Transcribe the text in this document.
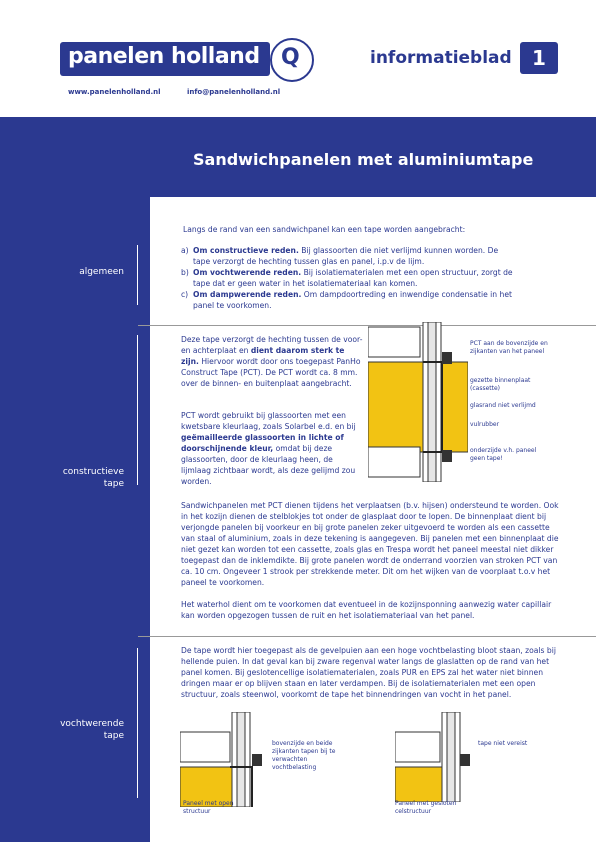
panelen holland Q
www.panelenholland.nl	info@panelenholland.nl
informatieblad	1
Sandwichpanelen met aluminiumtape
algemeen
Langs de rand van een sandwichpanel kan een tape worden aangebracht:
a) Om constructieve reden. Bij glassoorten die niet verlijmd kunnen worden. De tape verzorgt de hechting tussen glas en panel, i.p.v de lijm.
b) Om vochtwerende reden. Bij isolatiematerialen met een open structuur, zorgt de tape dat er geen water in het isolatiemateriaal kan komen.
c) Om dampwerende reden. Om dampdoortreding en inwendige condensatie in het panel te voorkomen.
constructieve
tape
Deze tape verzorgt de hechting tussen de voor- en achterplaat en dient daarom sterk te zijn. Hiervoor wordt door ons toegepast PanHo Construct Tape (PCT). De PCT wordt ca. 8 mm. over de binnen- en buitenplaat aangebracht.
PCT wordt gebruikt bij glassoorten met een kwetsbare kleurlaag, zoals Solarbel e.d. en bij geëmailleerde glassoorten in lichte of doorschijnende kleur, omdat bij deze glassoorten, door de kleurlaag heen, de lijmlaag zichtbaar wordt, als deze gelijmd zou worden.
PCT aan de bovenzijde en zijkanten van het paneel
gezette binnenplaat (cassette)
glasrand niet verlijmd
vulrubber
onderzijde v.h. paneel geen tape!
Sandwichpanelen met PCT dienen tijdens het verplaatsen (b.v. hijsen) ondersteund te worden. Ook in het kozijn dienen de stelblokjes tot onder de glasplaat door te lopen. De binnenplaat dient bij verjongde panelen bij voorkeur en bij grote panelen zeker uitgevoerd te worden als een cassette van staal of aluminium, zoals in deze tekening is aangegeven. Bij panelen met een binnenplaat die niet gezet kan worden tot een cassette, zoals glas en Trespa wordt het paneel meestal niet dikker toegepast dan de inklemdikte. Bij grote panelen wordt de onderrand voorzien van stroken PCT van ca. 10 cm. Ongeveer 1 strook per strekkende meter. Dit om het wijken van de voorplaat t.o.v het paneel te voorkomen.
Het waterhol dient om te voorkomen dat eventueel in de kozijnsponning aanwezig water capillair kan worden opgezogen tussen de ruit en het isolatiemateriaal van het panel.
vochtwerende
tape
De tape wordt hier toegepast als de gevelpuien aan een hoge vochtbelasting bloot staan, zoals bij hellende puien. In dat geval kan bij zware regenval water langs de glaslatten op de rand van het panel komen. Bij geslotencellige isolatiematerialen, zoals PUR en EPS zal het water niet binnen dringen maar er op blijven staan en later verdampen. Bij de isolatiematerialen met een open structuur, zoals steenwol, voorkomt de tape het binnendringen van vocht in het panel.
bovenzijde en beide zijkanten tapen bij te verwachten vochtbelasting
Paneel met open structuur
tape niet vereist
Paneel met gesloten celstructuur
